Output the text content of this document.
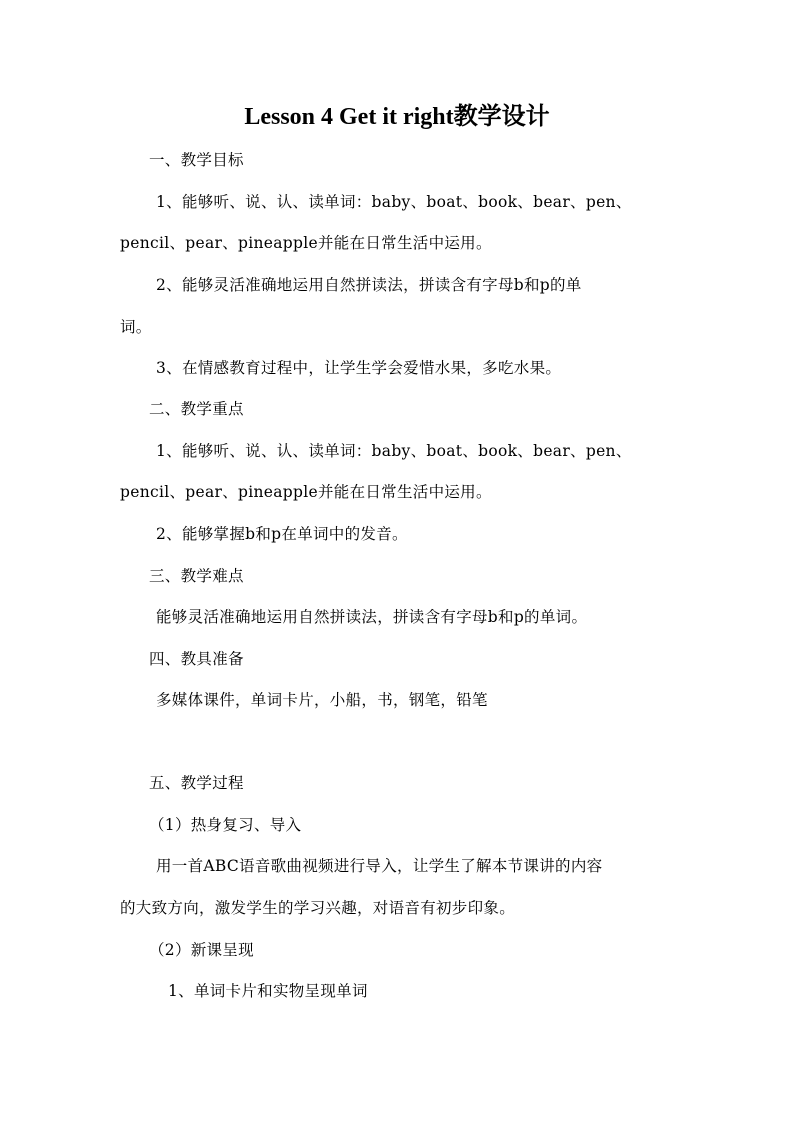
Lesson 4 Get it right教学设计
一、教学目标
1、能够听、说、认、读单词：baby、boat、book、bear、pen、
pencil、pear、pineapple并能在日常生活中运用。
2、能够灵活准确地运用自然拼读法，拼读含有字母b和p的单
词。
3、在情感教育过程中，让学生学会爱惜水果，多吃水果。
二、教学重点
1、能够听、说、认、读单词：baby、boat、book、bear、pen、
pencil、pear、pineapple并能在日常生活中运用。
2、能够掌握b和p在单词中的发音。
三、教学难点
能够灵活准确地运用自然拼读法，拼读含有字母b和p的单词。
四、教具准备
多媒体课件，单词卡片，小船，书，钢笔，铅笔
五、教学过程
（1）热身复习、导入
用一首ABC语音歌曲视频进行导入，让学生了解本节课讲的内容
的大致方向，激发学生的学习兴趣，对语音有初步印象。
（2）新课呈现
1、单词卡片和实物呈现单词
